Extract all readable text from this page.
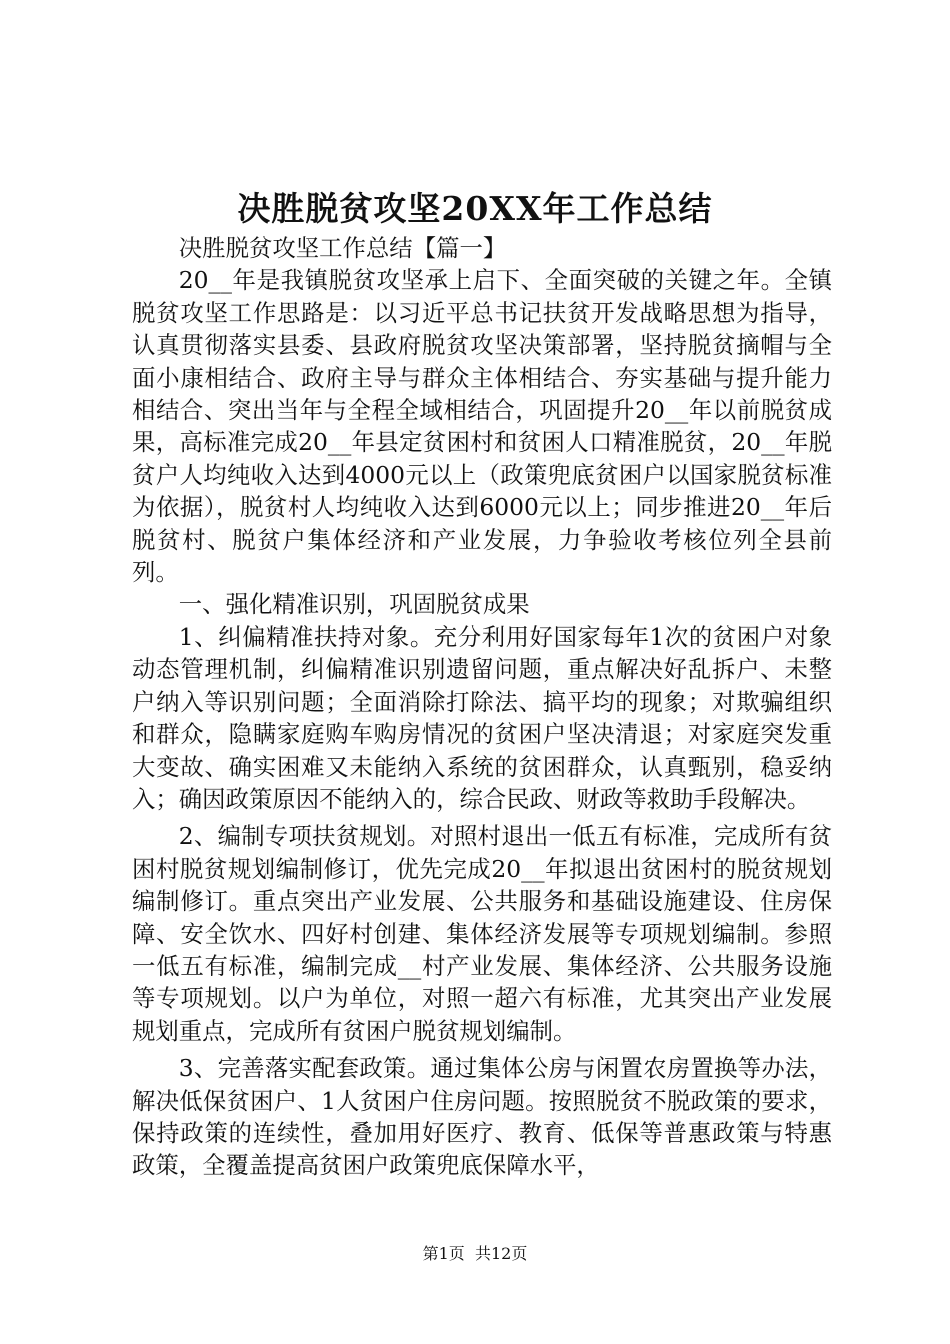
决胜脱贫攻坚20XX年工作总结

决胜脱贫攻坚工作总结【篇一】

20__年是我镇脱贫攻坚承上启下、全面突破的关键之年。全镇脱贫攻坚工作思路是：以习近平总书记扶贫开发战略思想为指导，认真贯彻落实县委、县政府脱贫攻坚决策部署，坚持脱贫摘帽与全面小康相结合、政府主导与群众主体相结合、夯实基础与提升能力相结合、突出当年与全程全域相结合，巩固提升20__年以前脱贫成果，高标准完成20__年县定贫困村和贫困人口精准脱贫，20__年脱贫户人均纯收入达到4000元以上（政策兜底贫困户以国家脱贫标准为依据），脱贫村人均纯收入达到6000元以上；同步推进20__年后脱贫村、脱贫户集体经济和产业发展，力争验收考核位列全县前列。

一、强化精准识别，巩固脱贫成果

1、纠偏精准扶持对象。充分利用好国家每年1次的贫困户对象动态管理机制，纠偏精准识别遗留问题，重点解决好乱拆户、未整户纳入等识别问题；全面消除打除法、搞平均的现象；对欺骗组织和群众，隐瞒家庭购车购房情况的贫困户坚决清退；对家庭突发重大变故、确实困难又未能纳入系统的贫困群众，认真甄别，稳妥纳入；确因政策原因不能纳入的，综合民政、财政等救助手段解决。

2、编制专项扶贫规划。对照村退出一低五有标准，完成所有贫困村脱贫规划编制修订，优先完成20__年拟退出贫困村的脱贫规划编制修订。重点突出产业发展、公共服务和基础设施建设、住房保障、安全饮水、四好村创建、集体经济发展等专项规划编制。参照一低五有标准，编制完成__村产业发展、集体经济、公共服务设施等专项规划。以户为单位，对照一超六有标准，尤其突出产业发展规划重点，完成所有贫困户脱贫规划编制。

3、完善落实配套政策。通过集体公房与闲置农房置换等办法，解决低保贫困户、1人贫困户住房问题。按照脱贫不脱政策的要求，保持政策的连续性，叠加用好医疗、教育、低保等普惠政策与特惠政策，全覆盖提高贫困户政策兜底保障水平，

第1页 共12页
